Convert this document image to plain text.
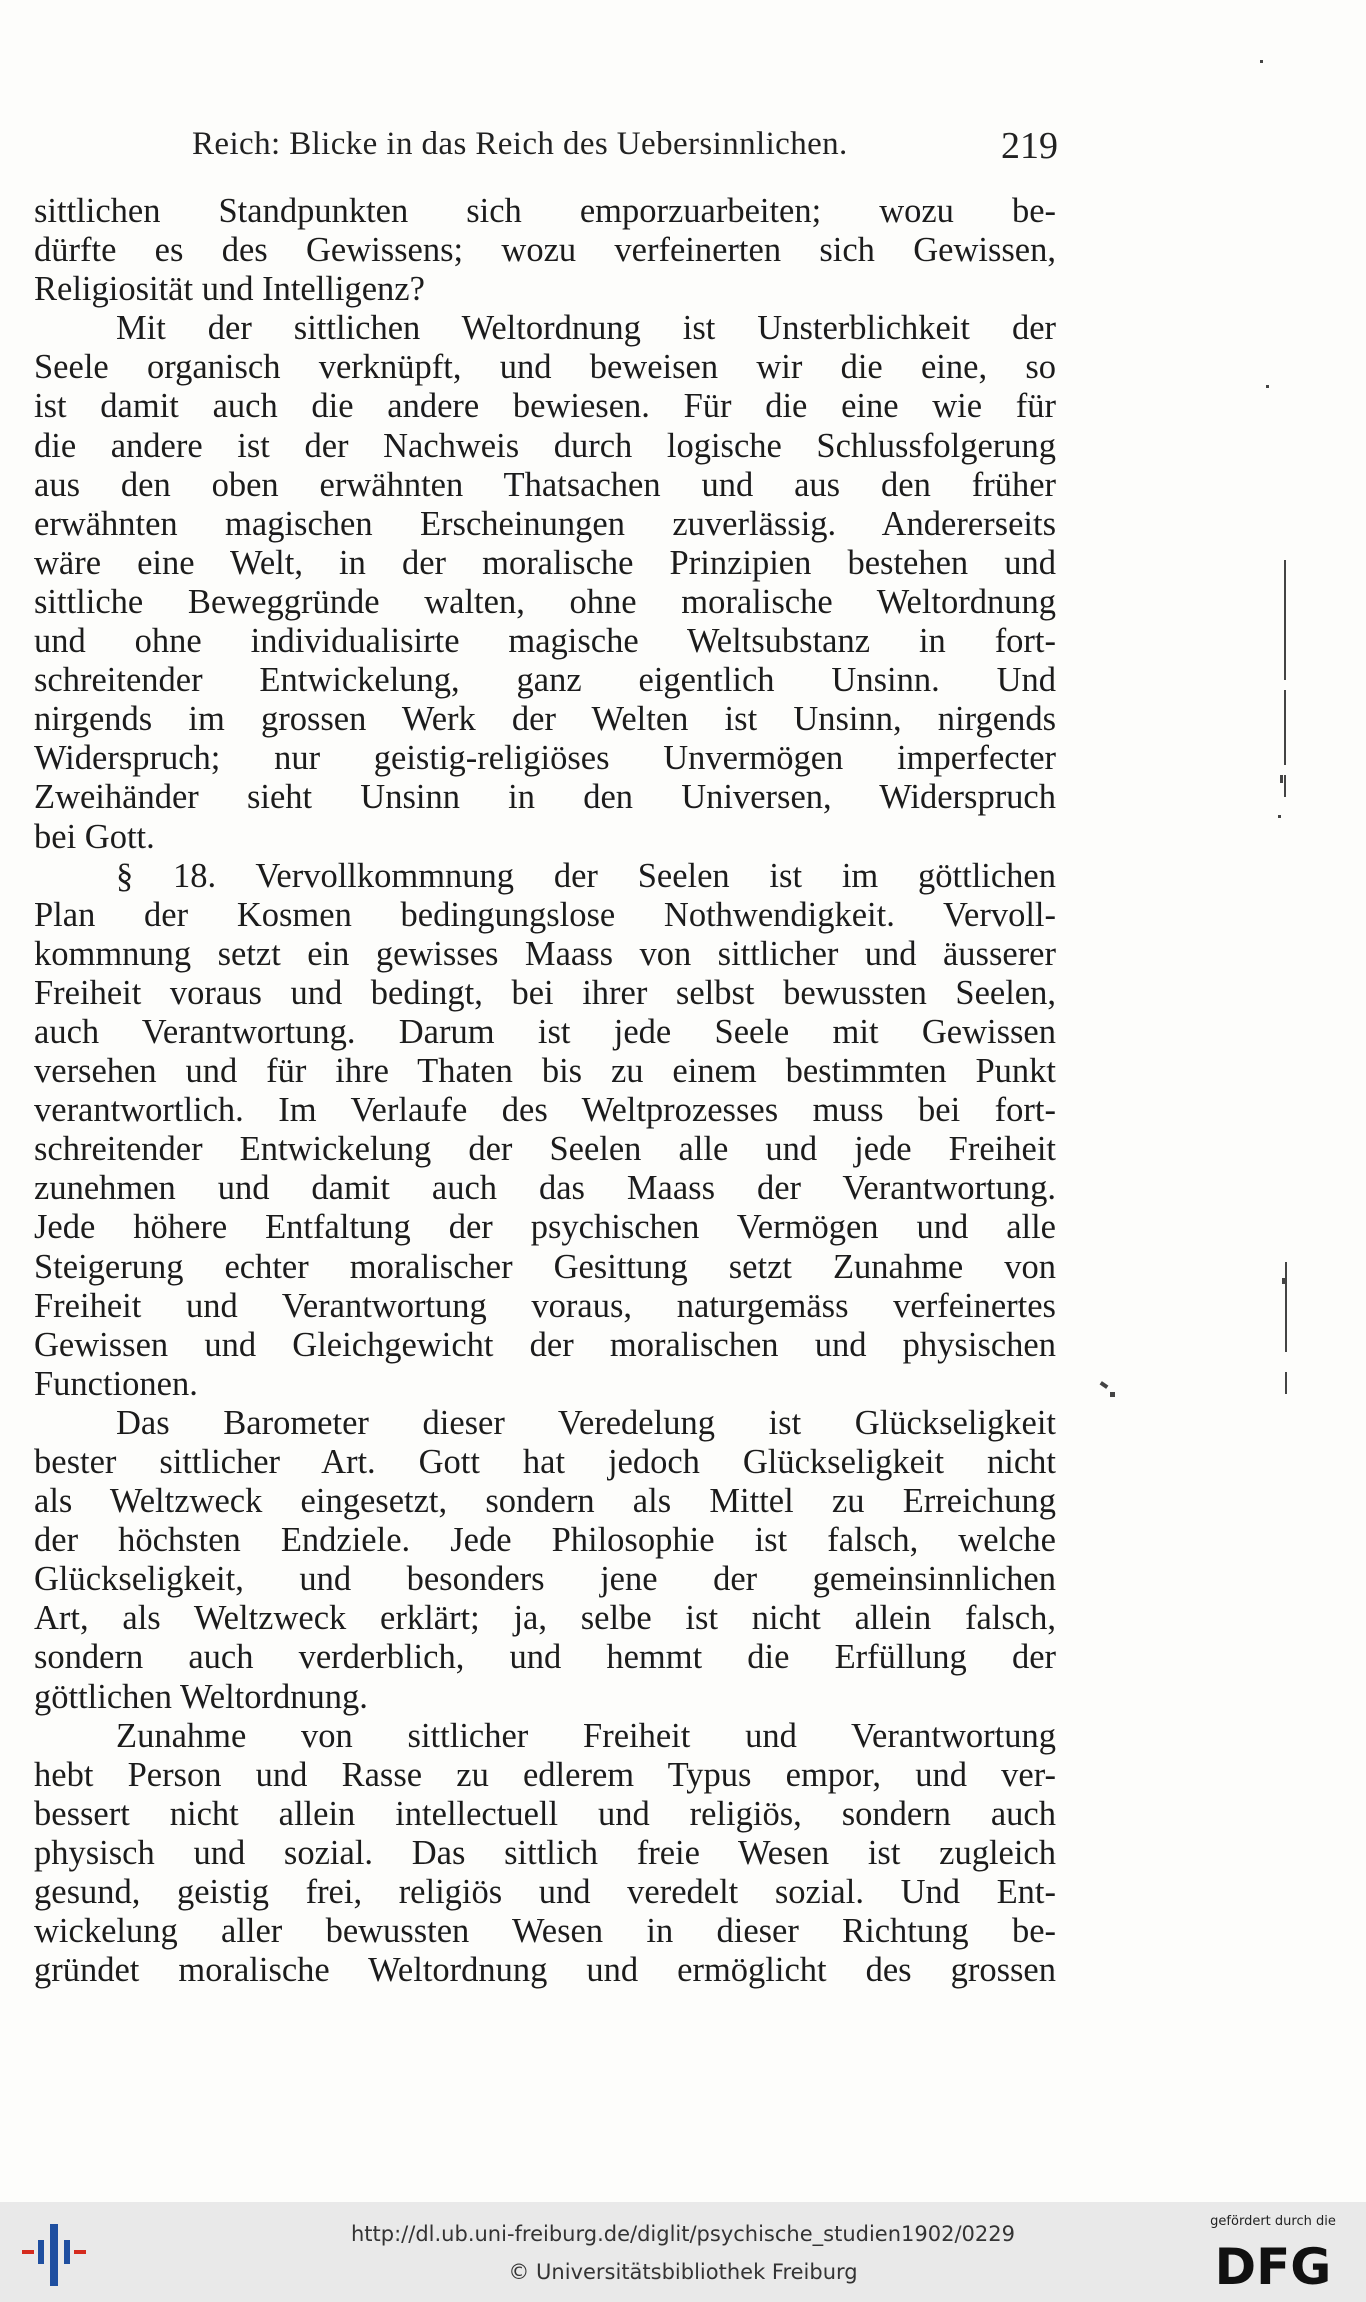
Reich: Blicke in das Reich des Uebersinnlichen.	219
sittlichen Standpunkten sich emporzuarbeiten; wozu be-
dürfte es des Gewissens; wozu verfeinerten sich Gewissen,
Religiosität und Intelligenz?
Mit der sittlichen Weltordnung ist Unsterblichkeit der
Seele organisch verknüpft, und beweisen wir die eine, so
ist damit auch die andere bewiesen. Für die eine wie für
die andere ist der Nachweis durch logische Schlussfolgerung
aus den oben erwähnten Thatsachen und aus den früher
erwähnten magischen Erscheinungen zuverlässig. Andererseits
wäre eine Welt, in der moralische Prinzipien bestehen und
sittliche Beweggründe walten, ohne moralische Weltordnung
und ohne individualisirte magische Weltsubstanz in fort-
schreitender Entwickelung, ganz eigentlich Unsinn. Und
nirgends im grossen Werk der Welten ist Unsinn, nirgends
Widerspruch; nur geistig-religiöses Unvermögen imperfecter
Zweihänder sieht Unsinn in den Universen, Widerspruch
bei Gott.
§ 18. Vervollkommnung der Seelen ist im göttlichen
Plan der Kosmen bedingungslose Nothwendigkeit. Vervoll-
kommnung setzt ein gewisses Maass von sittlicher und äusserer
Freiheit voraus und bedingt, bei ihrer selbst bewussten Seelen,
auch Verantwortung. Darum ist jede Seele mit Gewissen
versehen und für ihre Thaten bis zu einem bestimmten Punkt
verantwortlich. Im Verlaufe des Weltprozesses muss bei fort-
schreitender Entwickelung der Seelen alle und jede Freiheit
zunehmen und damit auch das Maass der Verantwortung.
Jede höhere Entfaltung der psychischen Vermögen und alle
Steigerung echter moralischer Gesittung setzt Zunahme von
Freiheit und Verantwortung voraus, naturgemäss verfeinertes
Gewissen und Gleichgewicht der moralischen und physischen
Functionen.
Das Barometer dieser Veredelung ist Glückseligkeit
bester sittlicher Art. Gott hat jedoch Glückseligkeit nicht
als Weltzweck eingesetzt, sondern als Mittel zu Erreichung
der höchsten Endziele. Jede Philosophie ist falsch, welche
Glückseligkeit, und besonders jene der gemeinsinnlichen
Art, als Weltzweck erklärt; ja, selbe ist nicht allein falsch,
sondern auch verderblich, und hemmt die Erfüllung der
göttlichen Weltordnung.
Zunahme von sittlicher Freiheit und Verantwortung
hebt Person und Rasse zu edlerem Typus empor, und ver-
bessert nicht allein intellectuell und religiös, sondern auch
physisch und sozial. Das sittlich freie Wesen ist zugleich
gesund, geistig frei, religiös und veredelt sozial. Und Ent-
wickelung aller bewussten Wesen in dieser Richtung be-
gründet moralische Weltordnung und ermöglicht des grossen
http://dl.ub.uni-freiburg.de/diglit/psychische_studien1902/0229
© Universitätsbibliothek Freiburg
gefördert durch die
DFG
